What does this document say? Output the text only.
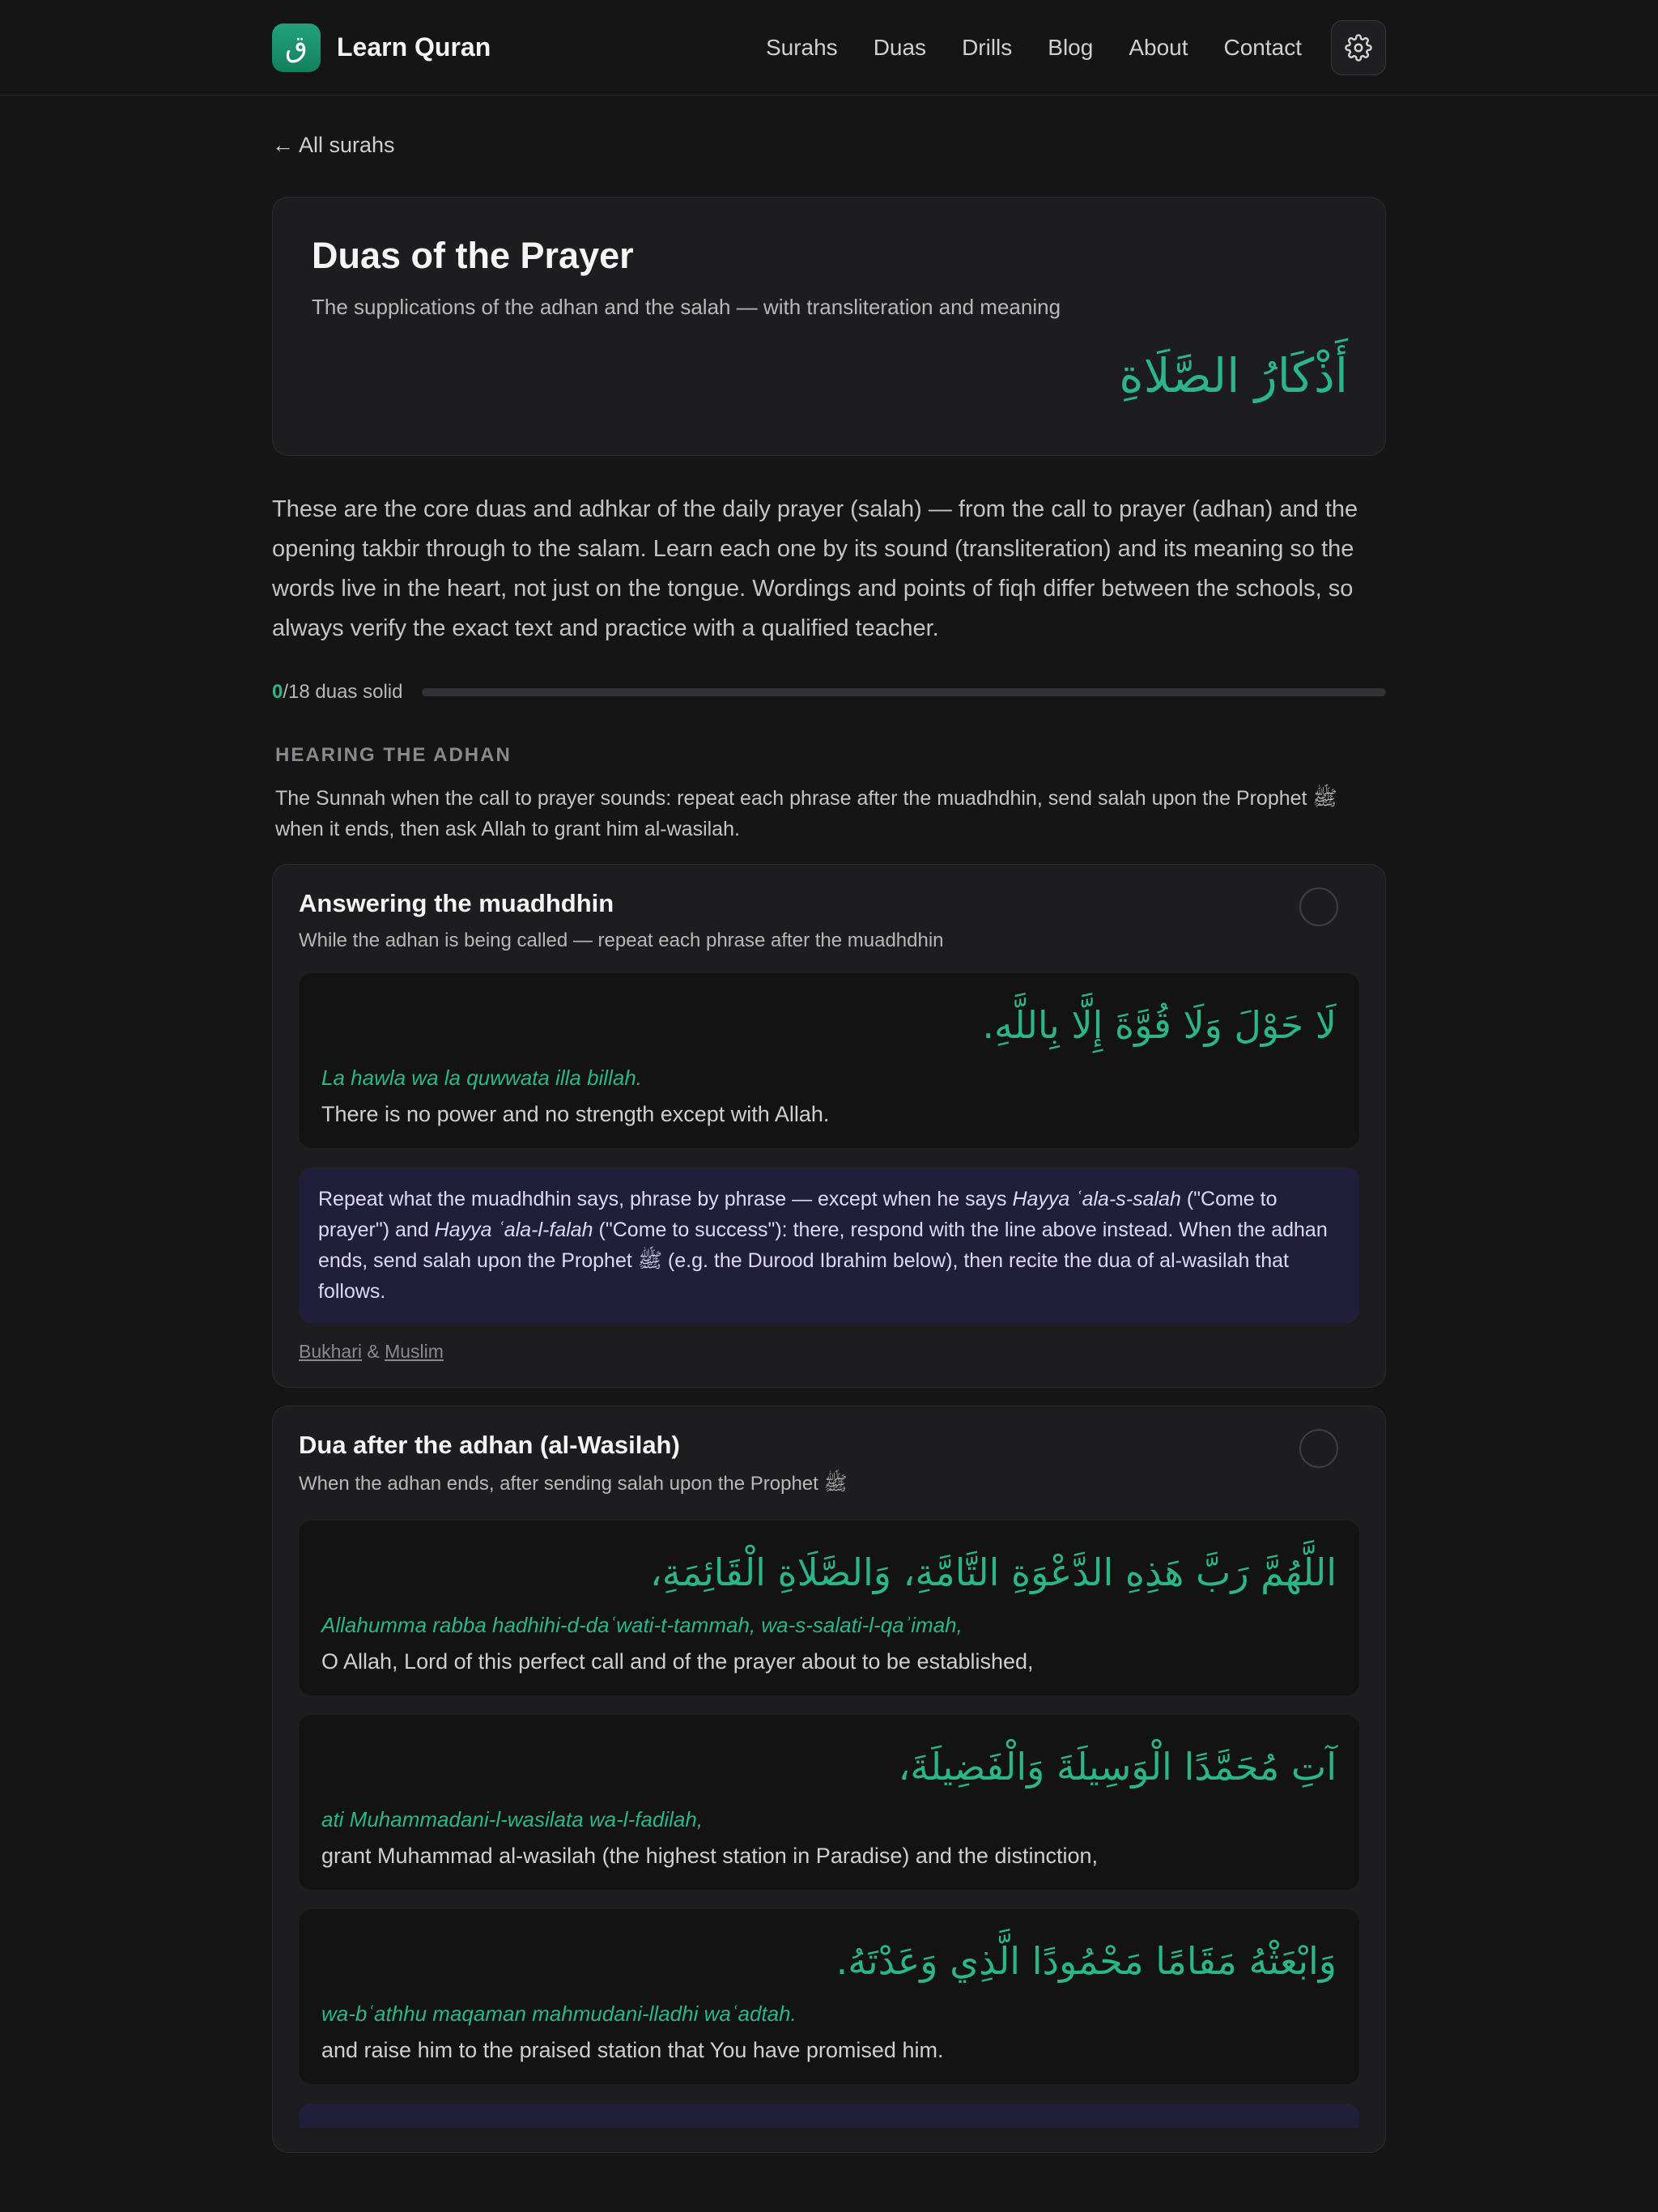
ق	Learn Quran	Surahs Duas Drills Blog About Contact
← All surahs
Duas of the Prayer

The supplications of the adhan and the salah — with transliteration and meaning

أَذْكَارُ الصَّلَاةِ

These are the core duas and adhkar of the daily prayer (salah) — from the call to prayer (adhan) and the opening takbir through to the salam. Learn each one by its sound (transliteration) and its meaning so the words live in the heart, not just on the tongue. Wordings and points of fiqh differ between the schools, so always verify the exact text and practice with a qualified teacher.

0/18 duas solid
HEARING THE ADHAN

The Sunnah when the call to prayer sounds: repeat each phrase after the muadhdhin, send salah upon the Prophet ﷺ when it ends, then ask Allah to grant him al-wasilah.

Answering the muadhdhin

While the adhan is being called — repeat each phrase after the muadhdhin

لَا حَوْلَ وَلَا قُوَّةَ إِلَّا بِاللَّهِ.
La hawla wa la quwwata illa billah.
There is no power and no strength except with Allah.
Repeat what the muadhdhin says, phrase by phrase — except when he says Hayya ʿala-s-salah ("Come to prayer") and Hayya ʿala-l-falah ("Come to success"): there, respond with the line above instead. When the adhan ends, send salah upon the Prophet ﷺ (e.g. the Durood Ibrahim below), then recite the dua of al-wasilah that follows.
Bukhari & Muslim
Dua after the adhan (al-Wasilah)

When the adhan ends, after sending salah upon the Prophet ﷺ

اللَّهُمَّ رَبَّ هَذِهِ الدَّعْوَةِ التَّامَّةِ، وَالصَّلَاةِ الْقَائِمَةِ،
Allahumma rabba hadhihi-d-daʿwati-t-tammah, wa-s-salati-l-qaʾimah,
O Allah, Lord of this perfect call and of the prayer about to be established,
آتِ مُحَمَّدًا الْوَسِيلَةَ وَالْفَضِيلَةَ،
ati Muhammadani-l-wasilata wa-l-fadilah,
grant Muhammad al-wasilah (the highest station in Paradise) and the distinction,
وَابْعَثْهُ مَقَامًا مَحْمُودًا الَّذِي وَعَدْتَهُ.
wa-bʿathhu maqaman mahmudani-lladhi waʿadtah.
and raise him to the praised station that You have promised him.
